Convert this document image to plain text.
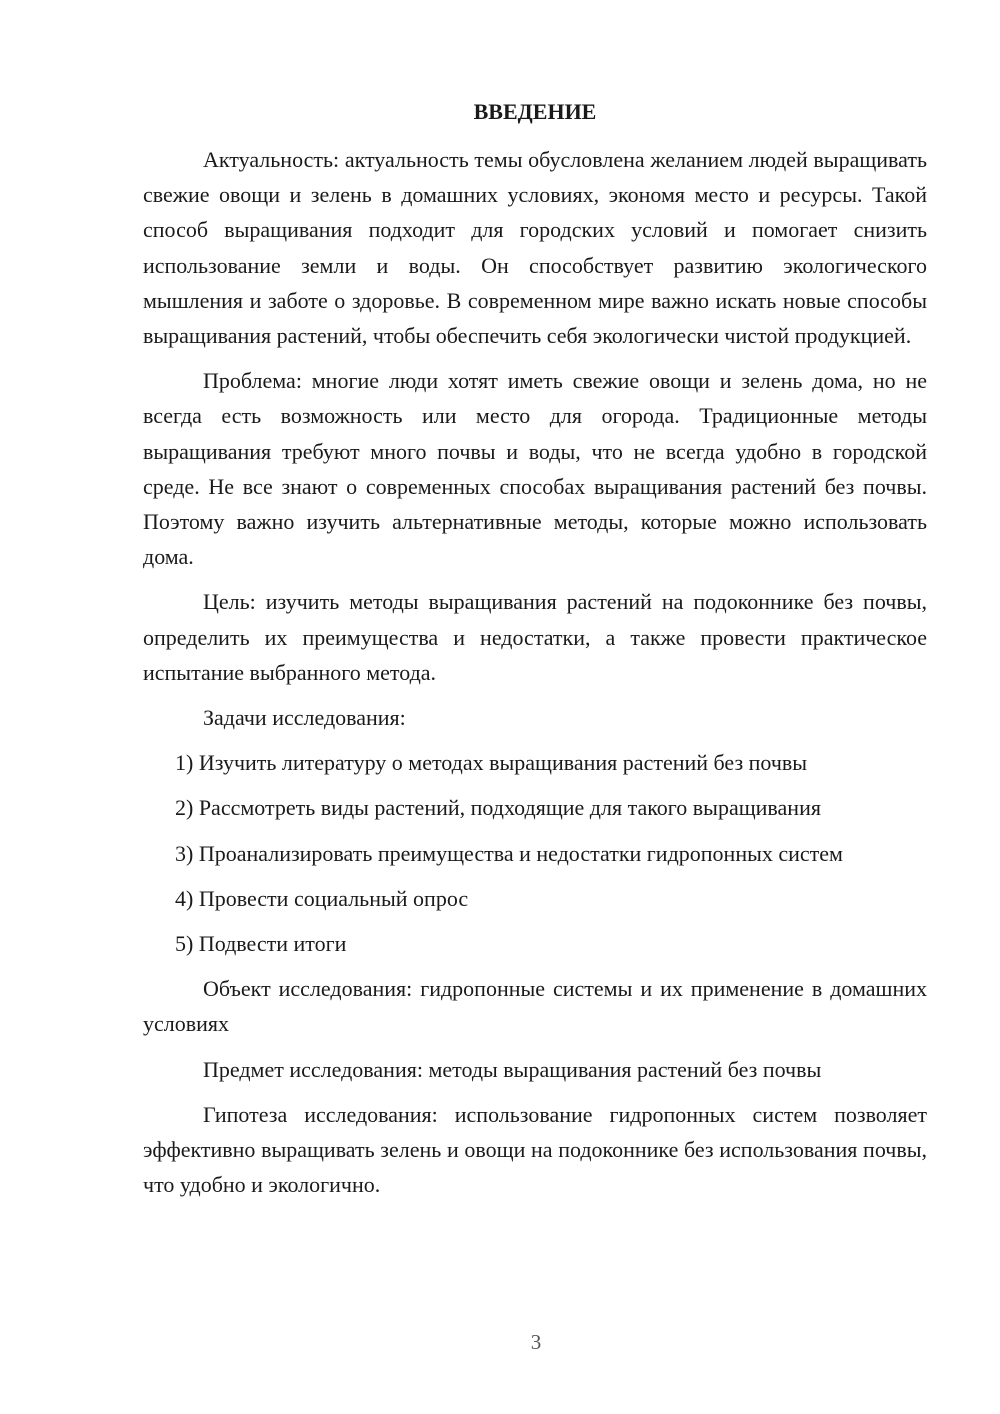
ВВЕДЕНИЕ

Актуальность: актуальность темы обусловлена желанием людей выращивать свежие овощи и зелень в домашних условиях, экономя место и ресурсы. Такой способ выращивания подходит для городских условий и помогает снизить использование земли и воды. Он способствует развитию экологического мышления и заботе о здоровье. В современном мире важно искать новые способы выращивания растений, чтобы обеспечить себя экологически чистой продукцией.

Проблема: многие люди хотят иметь свежие овощи и зелень дома, но не всегда есть возможность или место для огорода. Традиционные методы выращивания требуют много почвы и воды, что не всегда удобно в городской среде. Не все знают о современных способах выращивания растений без почвы. Поэтому важно изучить альтернативные методы, которые можно использовать дома.

Цель: изучить методы выращивания растений на подоконнике без почвы, определить их преимущества и недостатки, а также провести практическое испытание выбранного метода.

Задачи исследования:

1) Изучить литературу о методах выращивания растений без почвы

2) Рассмотреть виды растений, подходящие для такого выращивания

3) Проанализировать преимущества и недостатки гидропонных систем

4) Провести социальный опрос

5) Подвести итоги

Объект исследования: гидропонные системы и их применение в домашних условиях

Предмет исследования: методы выращивания растений без почвы

Гипотеза исследования: использование гидропонных систем позволяет эффективно выращивать зелень и овощи на подоконнике без использования почвы, что удобно и экологично.

3
